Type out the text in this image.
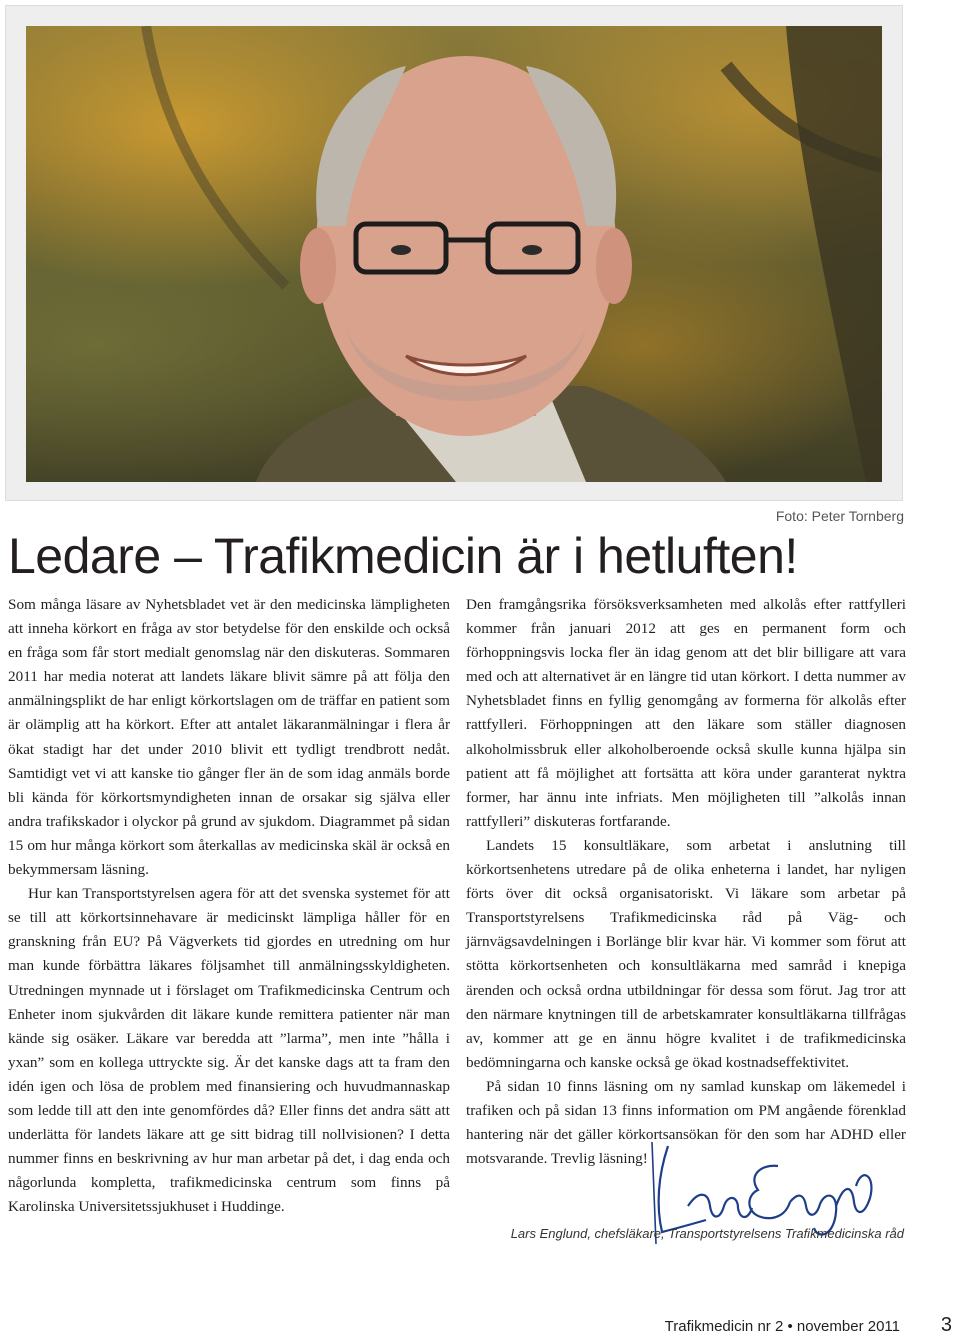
Foto: Peter Tornberg
Ledare – Trafikmedicin är i hetluften!

Som många läsare av Nyhetsbladet vet är den medicinska lämpligheten att inneha körkort en fråga av stor betydelse för den enskilde och också en fråga som får stort medialt genomslag när den diskuteras. Sommaren 2011 har media noterat att landets läkare blivit sämre på att följa den anmälningsplikt de har enligt körkortslagen om de träffar en patient som är olämplig att ha körkort. Efter att antalet läkaranmälningar i flera år ökat stadigt har det under 2010 blivit ett tydligt trendbrott nedåt. Samtidigt vet vi att kanske tio gånger fler än de som idag anmäls borde bli kända för körkortsmyndigheten innan de orsakar sig själva eller andra trafikskador i olyckor på grund av sjukdom. Diagrammet på sidan 15 om hur många körkort som återkallas av medicinska skäl är också en bekymmersam läsning.

Hur kan Transportstyrelsen agera för att det svenska systemet för att se till att körkortsinnehavare är medicinskt lämpliga håller för en granskning från EU? På Vägverkets tid gjordes en utredning om hur man kunde förbättra läkares följsamhet till anmälningsskyldigheten. Utredningen mynnade ut i förslaget om Trafikmedicinska Centrum och Enheter inom sjukvården dit läkare kunde remittera patienter när man kände sig osäker. Läkare var beredda att ”larma”, men inte ”hålla i yxan” som en kollega uttryckte sig. Är det kanske dags att ta fram den idén igen och lösa de problem med finansiering och huvudmannaskap som ledde till att den inte genomfördes då? Eller finns det andra sätt att underlätta för landets läkare att ge sitt bidrag till nollvisionen? I detta nummer finns en beskrivning av hur man arbetar på det, i dag enda och någorlunda kompletta, trafikmedicinska centrum som finns på Karolinska Universitetssjukhuset i Huddinge.

Den framgångsrika försöksverksamheten med alkolås efter rattfylleri kommer från januari 2012 att ges en permanent form och förhoppningsvis locka fler än idag genom att det blir billigare att vara med och att alternativet är en längre tid utan körkort. I detta nummer av Nyhetsbladet finns en fyllig genomgång av formerna för alkolås efter rattfylleri. Förhoppningen att den läkare som ställer diagnosen alkoholmissbruk eller alkoholberoende också skulle kunna hjälpa sin patient att få möjlighet att fortsätta att köra under garanterat nyktra former, har ännu inte infriats. Men möjligheten till ”alkolås innan rattfylleri” diskuteras fortfarande.

Landets 15 konsultläkare, som arbetat i anslutning till körkortsenhetens utredare på de olika enheterna i landet, har nyligen förts över dit också organisatoriskt. Vi läkare som arbetar på Transportstyrelsens Trafikmedicinska råd på Väg- och järnvägsavdelningen i Borlänge blir kvar här. Vi kommer som förut att stötta körkortsenheten och konsultläkarna med samråd i knepiga ärenden och också ordna utbildningar för dessa som förut. Jag tror att den närmare knytningen till de arbetskamrater konsultläkarna tillfrågas av, kommer att ge en ännu högre kvalitet i de trafikmedicinska bedömningarna och kanske också ge ökad kostnadseffektivitet.

På sidan 10 finns läsning om ny samlad kunskap om läkemedel i trafiken och på sidan 13 finns information om PM angående förenklad hantering när det gäller körkortsansökan för den som har ADHD eller motsvarande. Trevlig läsning!

Lars Englund, chefsläkare, Transportstyrelsens Trafikmedicinska råd
Trafikmedicin nr 2 • november 2011 3
